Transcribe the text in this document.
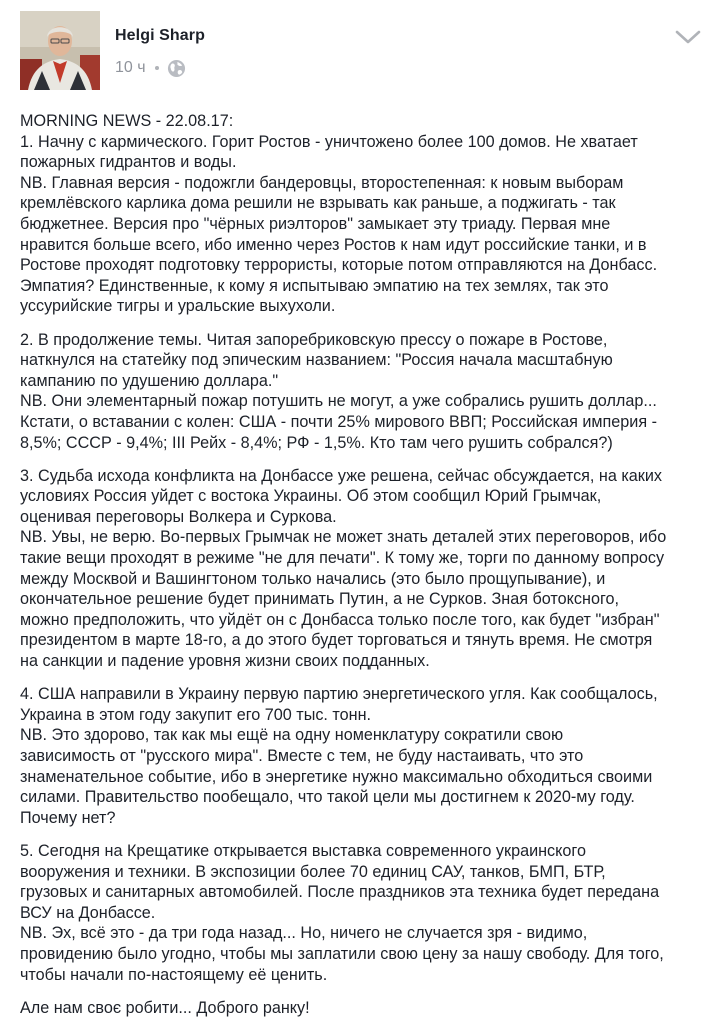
Helgi Sharp
10 ч
MORNING NEWS - 22.08.17:
1. Начну с кармического. Горит Ростов - уничтожено более 100 домов. Не хватает
пожарных гидрантов и воды.
NB. Главная версия - подожгли бандеровцы, второстепенная: к новым выборам
кремлёвского карлика дома решили не взрывать как раньше, а поджигать - так
бюджетнее. Версия про "чёрных риэлторов" замыкает эту триаду. Первая мне
нравится больше всего, ибо именно через Ростов к нам идут российские танки, и в
Ростове проходят подготовку террористы, которые потом отправляются на Донбасс.
Эмпатия? Единственные, к кому я испытываю эмпатию на тех землях, так это
уссурийские тигры и уральские выхухоли.
2. В продолжение темы. Читая запоребриковскую прессу о пожаре в Ростове,
наткнулся на статейку под эпическим названием: "Россия начала масштабную
кампанию по удушению доллара."
NB. Они элементарный пожар потушить не могут, а уже собрались рушить доллар...
Кстати, о вставании с колен: США - почти 25% мирового ВВП; Российская империя -
8,5%; СССР - 9,4%; III Рейх - 8,4%; РФ - 1,5%. Кто там чего рушить собрался?)
3. Судьба исхода конфликта на Донбассе уже решена, сейчас обсуждается, на каких
условиях Россия уйдет с востока Украины. Об этом сообщил Юрий Грымчак,
оценивая переговоры Волкера и Суркова.
NB. Увы, не верю. Во-первых Грымчак не может знать деталей этих переговоров, ибо
такие вещи проходят в режиме "не для печати". К тому же, торги по данному вопросу
между Москвой и Вашингтоном только начались (это было прощупывание), и
окончательное решение будет принимать Путин, а не Сурков. Зная ботоксного,
можно предположить, что уйдёт он с Донбасса только после того, как будет "избран"
президентом в марте 18-го, а до этого будет торговаться и тянуть время. Не смотря
на санкции и падение уровня жизни своих подданных.
4. США направили в Украину первую партию энергетического угля. Как сообщалось,
Украина в этом году закупит его 700 тыс. тонн.
NB. Это здорово, так как мы ещё на одну номенклатуру сократили свою
зависимость от "русского мира". Вместе с тем, не буду настаивать, что это
знаменательное событие, ибо в энергетике нужно максимально обходиться своими
силами. Правительство пообещало, что такой цели мы достигнем к 2020-му году.
Почему нет?
5. Сегодня на Крещатике открывается выставка современного украинского
вооружения и техники. В экспозиции более 70 единиц САУ, танков, БМП, БТР,
грузовых и санитарных автомобилей. После праздников эта техника будет передана
ВСУ на Донбассе.
NB. Эх, всё это - да три года назад... Но, ничего не случается зря - видимо,
провидению было угодно, чтобы мы заплатили свою цену за нашу свободу. Для того,
чтобы начали по-настоящему её ценить.
Але нам своє робити... Доброго ранку!
